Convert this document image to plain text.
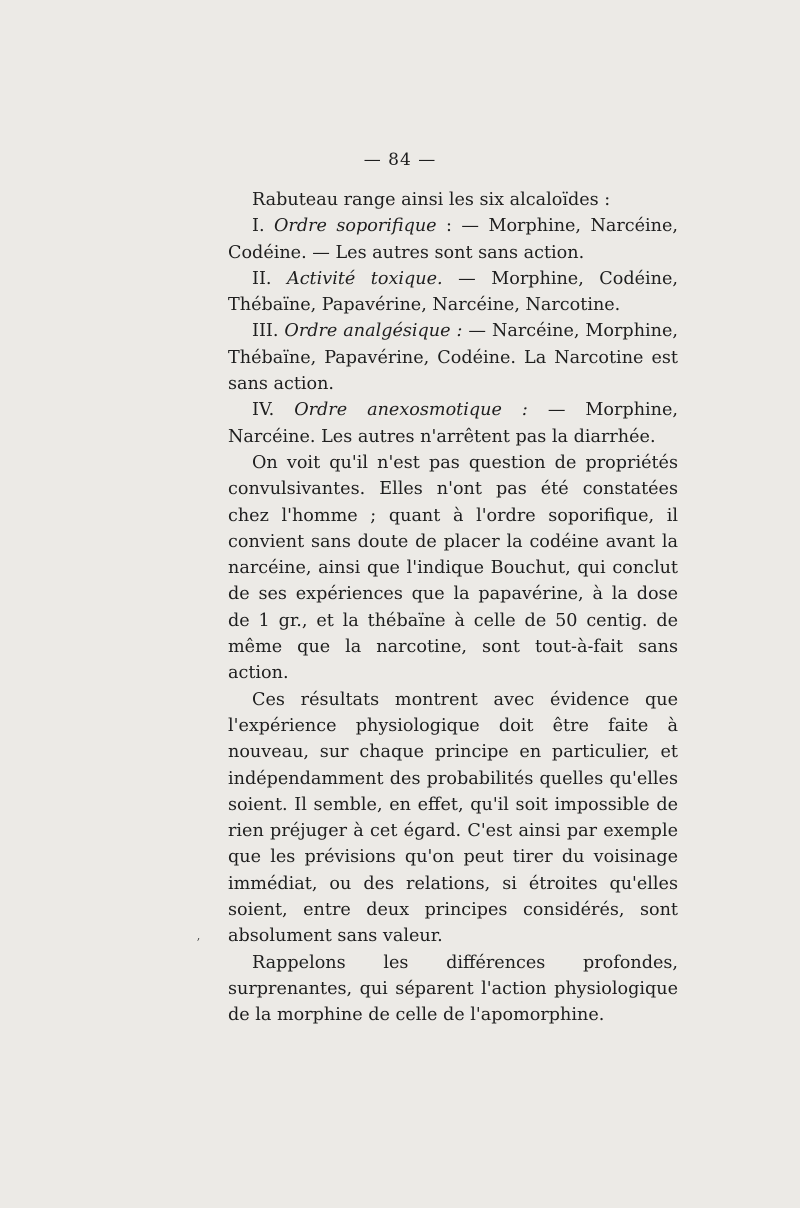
— 84 —

Rabuteau range ainsi les six alcaloïdes :

I. Ordre soporifique : — Morphine, Narcéine, Codéine. — Les autres sont sans action.

II. Activité toxique. — Morphine, Codéine, Thébaïne, Papavérine, Narcéine, Narcotine.

III. Ordre analgésique : — Narcéine, Morphine, Thébaïne, Papavérine, Codéine. La Narcotine est sans action.

IV. Ordre anexosmotique : — Morphine, Narcéine. Les autres n'arrêtent pas la diarrhée.

On voit qu'il n'est pas question de propriétés convulsivantes. Elles n'ont pas été constatées chez l'homme ; quant à l'ordre soporifique, il convient sans doute de placer la codéine avant la narcéine, ainsi que l'indique Bouchut, qui conclut de ses expériences que la papavérine, à la dose de 1 gr., et la thébaïne à celle de 50 centig. de même que la narcotine, sont tout-à-fait sans action.

Ces résultats montrent avec évidence que l'expérience physiologique doit être faite à nouveau, sur chaque principe en particulier, et indépendamment des probabilités quelles qu'elles soient. Il semble, en effet, qu'il soit impossible de rien préjuger à cet égard. C'est ainsi par exemple que les prévisions qu'on peut tirer du voisinage immédiat, ou des relations, si étroites qu'elles soient, entre deux principes considérés, sont absolument sans valeur.

Rappelons les différences profondes, surprenantes, qui séparent l'action physiologique de la morphine de celle de l'apomorphine.

ʼ
